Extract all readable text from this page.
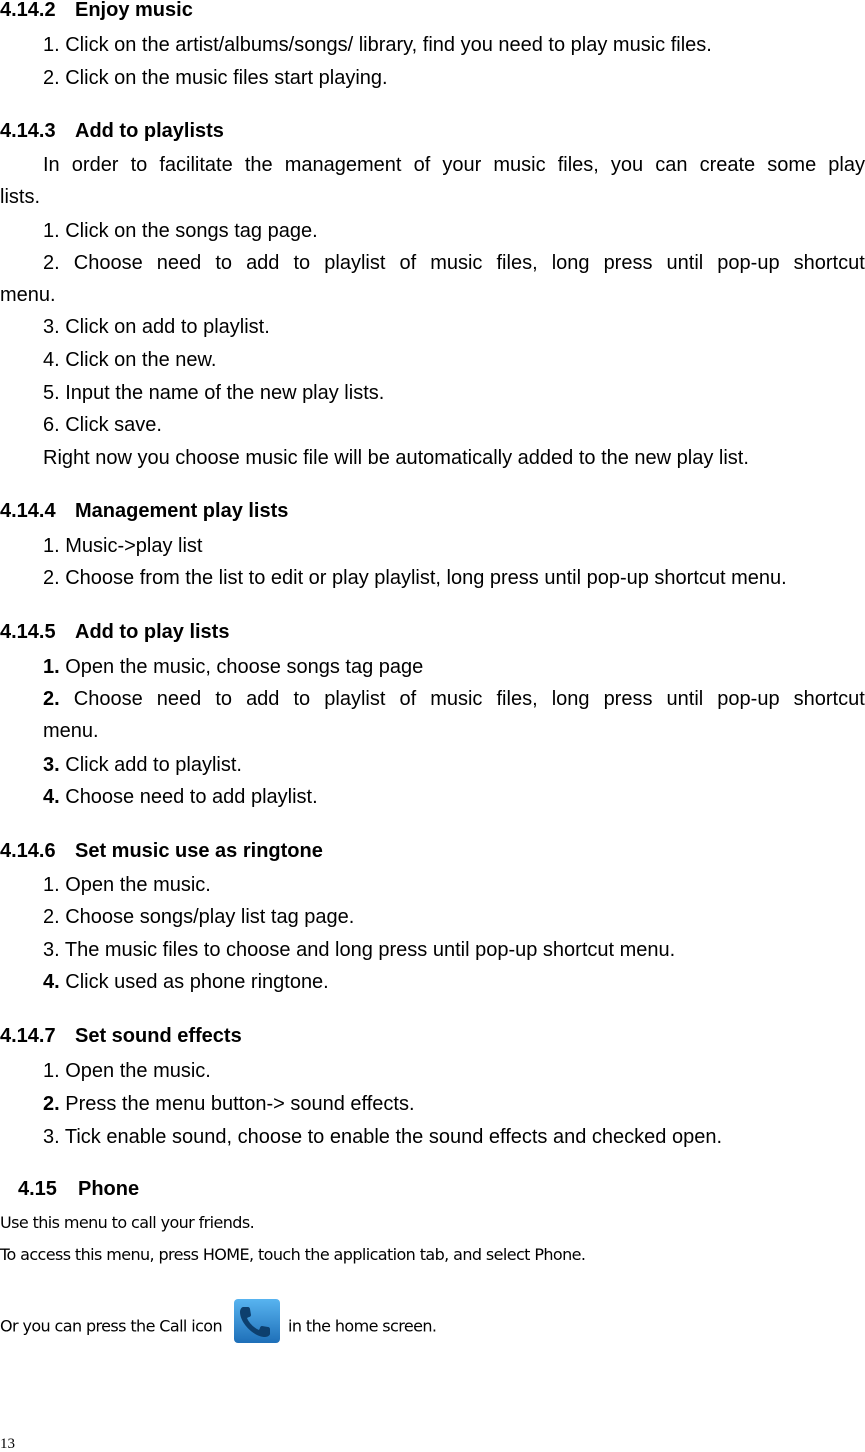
4.14.2 Enjoy music
1. Click on the artist/albums/songs/ library, find you need to play music files.
2. Click on the music files start playing.
4.14.3 Add to playlists
In order to facilitate the management of your music files, you can create some play
lists.
1. Click on the songs tag page.
2. Choose need to add to playlist of music files, long press until pop-up shortcut
menu.
3. Click on add to playlist.
4. Click on the new.
5. Input the name of the new play lists.
6. Click save.
Right now you choose music file will be automatically added to the new play list.
4.14.4 Management play lists
1. Music->play list
2. Choose from the list to edit or play playlist, long press until pop-up shortcut menu.
4.14.5 Add to play lists
1. Open the music, choose songs tag page
2. Choose need to add to playlist of music files, long press until pop-up shortcut
menu.
3. Click add to playlist.
4. Choose need to add playlist.
4.14.6 Set music use as ringtone
1. Open the music.
2. Choose songs/play list tag page.
3. The music files to choose and long press until pop-up shortcut menu.
4. Click used as phone ringtone.
4.14.7 Set sound effects
1. Open the music.
2. Press the menu button-> sound effects.
3. Tick enable sound, choose to enable the sound effects and checked open.
4.15 Phone
Use this menu to call your friends.
To access this menu, press HOME, touch the application tab, and select Phone.
Or you can press the Call icon	in the home screen.
13
